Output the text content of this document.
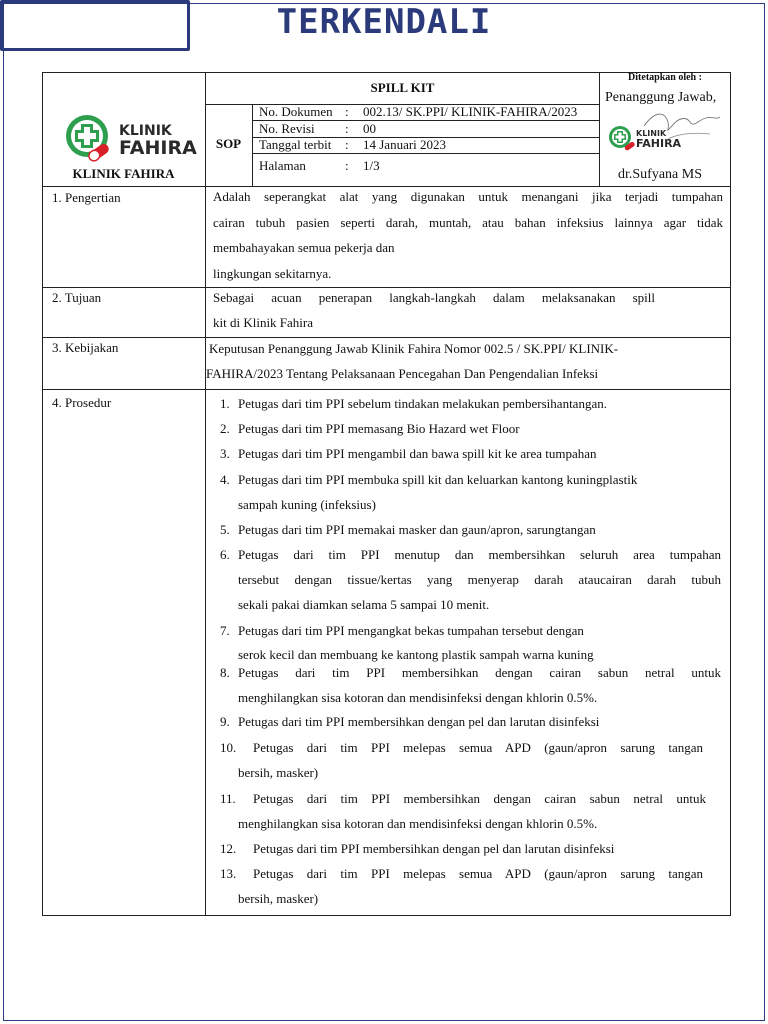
TERKENDALI
KLINIK
FAHIRA
KLINIK FAHIRA
SPILL KIT
SOP
No. Dokumen : 002.13/ SK.PPI/ KLINIK-FAHIRA/2023
No. Revisi : 00
Tanggal terbit : 14 Januari 2023
Halaman	: 1/3
Ditetapkan oleh :
Penanggung Jawab,
KLINIK
FAHIRA
dr.Sufyana MS
1. Pengertian
2. Tujuan
3. Kebijakan
4. Prosedur
Adalah seperangkat alat yang digunakan untuk menangani jika terjadi tumpahan
cairan tubuh pasien seperti darah, muntah, atau bahan infeksius lainnya agar tidak
membahayakan semua pekerja dan
lingkungan sekitarnya.
Sebagai acuan penerapan langkah-langkah dalam melaksanakan spill
kit di Klinik Fahira
Keputusan Penanggung Jawab Klinik Fahira Nomor 002.5 / SK.PPI/ KLINIK-
FAHIRA/2023 Tentang Pelaksanaan Pencegahan Dan Pengendalian Infeksi
1. Petugas dari tim PPI sebelum tindakan melakukan pembersihantangan.
2. Petugas dari tim PPI memasang Bio Hazard wet Floor
3. Petugas dari tim PPI mengambil dan bawa spill kit ke area tumpahan
4. Petugas dari tim PPI membuka spill kit dan keluarkan kantong kuningplastik
sampah kuning (infeksius)
5. Petugas dari tim PPI memakai masker dan gaun/apron, sarungtangan
6. Petugas dari tim PPI menutup dan membersihkan seluruh area tumpahan
tersebut dengan tissue/kertas yang menyerap darah ataucairan darah tubuh
sekali pakai diamkan selama 5 sampai 10 menit.
7. Petugas dari tim PPI mengangkat bekas tumpahan tersebut dengan
serok kecil dan membuang ke kantong plastik sampah warna kuning
8. Petugas dari tim PPI membersihkan dengan cairan sabun netral untuk
menghilangkan sisa kotoran dan mendisinfeksi dengan khlorin 0.5%.
9. Petugas dari tim PPI membersihkan dengan pel dan larutan disinfeksi
10. Petugas dari tim PPI melepas semua APD (gaun/apron sarung tangan
bersih, masker)
11. Petugas dari tim PPI membersihkan dengan cairan sabun netral untuk
menghilangkan sisa kotoran dan mendisinfeksi dengan khlorin 0.5%.
12. Petugas dari tim PPI membersihkan dengan pel dan larutan disinfeksi
13. Petugas dari tim PPI melepas semua APD (gaun/apron sarung tangan
bersih, masker)
